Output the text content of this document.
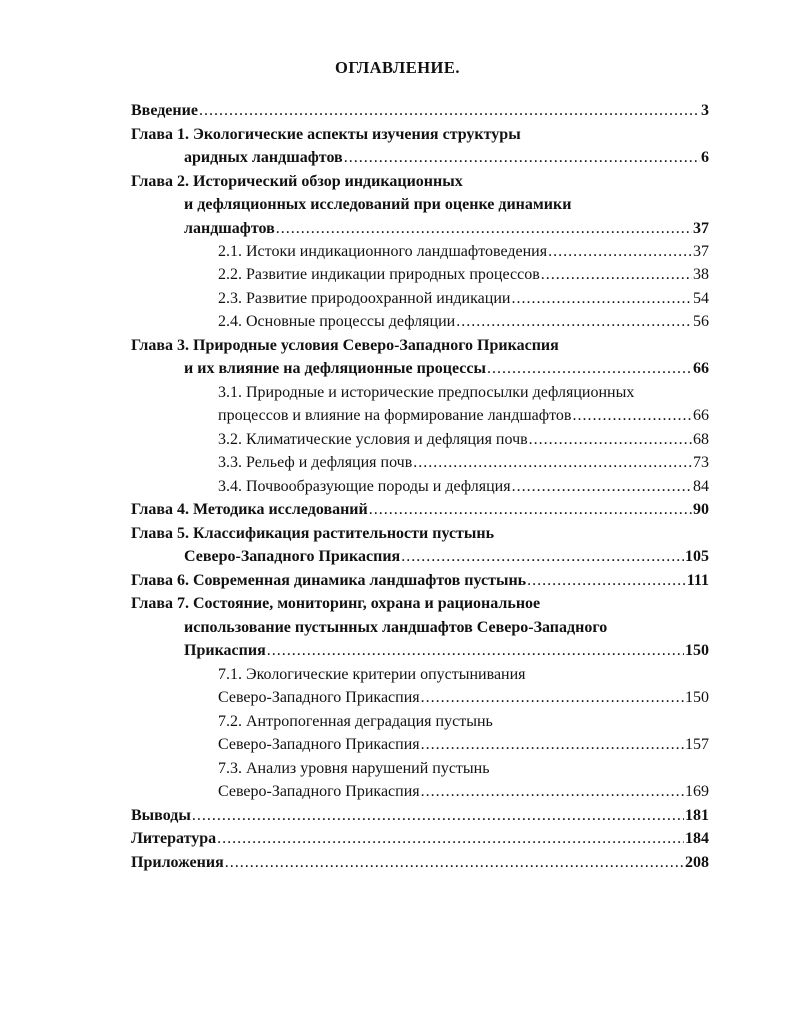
ОГЛАВЛЕНИЕ.
Введение .....	3
Глава 1. Экологические аспекты изучения структуры
аридных ландшафтов .....	6
Глава 2. Исторический обзор индикационных
и дефляционных исследований при оценке динамики
ландшафтов .....	37
2.1. Истоки индикационного ландшафтоведения .....	37
2.2. Развитие индикации природных процессов .....	38
2.3. Развитие природоохранной индикации .....	54
2.4. Основные процессы дефляции .....	56
Глава 3. Природные условия Северо-Западного Прикаспия
и их влияние на дефляционные процессы .....	66
3.1. Природные и исторические предпосылки дефляционных
процессов и влияние на формирование ландшафтов .....	66
3.2. Климатические условия и дефляция почв .....	68
3.3. Рельеф и дефляция почв .....	73
3.4. Почвообразующие породы и дефляция .....	84
Глава 4. Методика исследований .....	90
Глава 5. Классификация растительности пустынь
Северо-Западного Прикаспия .....	105
Глава 6. Современная динамика ландшафтов пустынь .....	111
Глава 7. Состояние, мониторинг, охрана и рациональное
использование пустынных ландшафтов Северо-Западного
Прикаспия .....	150
7.1. Экологические критерии опустынивания
Северо-Западного Прикаспия .....	150
7.2. Антропогенная деградация пустынь
Северо-Западного Прикаспия .....	157
7.3. Анализ уровня нарушений пустынь
Северо-Западного Прикаспия .....	169
Выводы .....	181
Литература .....	184
Приложения .....	208
